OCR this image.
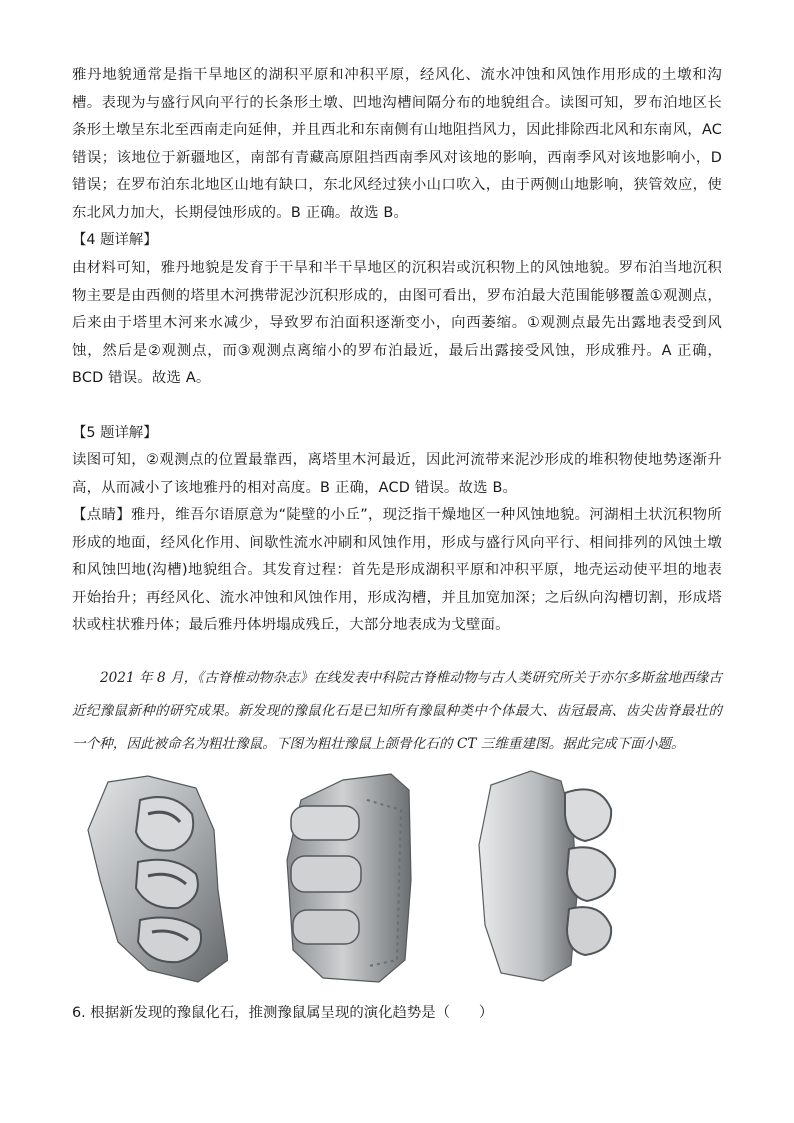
雅丹地貌通常是指干旱地区的湖积平原和冲积平原，经风化、流水冲蚀和风蚀作用形成的土墩和沟槽。表现为与盛行风向平行的长条形土墩、凹地沟槽间隔分布的地貌组合。读图可知，罗布泊地区长条形土墩呈东北至西南走向延伸，并且西北和东南侧有山地阻挡风力，因此排除西北风和东南风，AC 错误；该地位于新疆地区，南部有青藏高原阻挡西南季风对该地的影响，西南季风对该地影响小，D 错误；在罗布泊东北地区山地有缺口，东北风经过狭小山口吹入，由于两侧山地影响，狭管效应，使东北风力加大，长期侵蚀形成的。B 正确。故选 B。

【4 题详解】

由材料可知，雅丹地貌是发育于干旱和半干旱地区的沉积岩或沉积物上的风蚀地貌。罗布泊当地沉积物主要是由西侧的塔里木河携带泥沙沉积形成的，由图可看出，罗布泊最大范围能够覆盖①观测点，后来由于塔里木河来水减少，导致罗布泊面积逐渐变小，向西萎缩。①观测点最先出露地表受到风蚀，然后是②观测点，而③观测点离缩小的罗布泊最近，最后出露接受风蚀，形成雅丹。A 正确，BCD 错误。故选 A。

【5 题详解】

读图可知，②观测点的位置最靠西，离塔里木河最近，因此河流带来泥沙形成的堆积物使地势逐渐升高，从而减小了该地雅丹的相对高度。B 正确，ACD 错误。故选 B。

【点睛】雅丹，维吾尔语原意为“陡壁的小丘”，现泛指干燥地区一种风蚀地貌。河湖相土状沉积物所形成的地面，经风化作用、间歇性流水冲刷和风蚀作用，形成与盛行风向平行、相间排列的风蚀土墩和风蚀凹地(沟槽)地貌组合。其发育过程：首先是形成湖积平原和冲积平原，地壳运动使平坦的地表开始抬升；再经风化、流水冲蚀和风蚀作用，形成沟槽，并且加宽加深；之后纵向沟槽切割，形成塔状或柱状雅丹体；最后雅丹体坍塌成残丘，大部分地表成为戈壁面。

2021 年 8 月，《古脊椎动物杂志》在线发表中科院古脊椎动物与古人类研究所关于亦尔多斯盆地西缘古近纪豫鼠新种的研究成果。新发现的豫鼠化石是已知所有豫鼠种类中个体最大、齿冠最高、齿尖齿脊最壮的一个种，因此被命名为粗壮豫鼠。下图为粗壮豫鼠上颌骨化石的 CT 三维重建图。据此完成下面小题。

6. 根据新发现的豫鼠化石，推测豫鼠属呈现的演化趋势是（　　）
